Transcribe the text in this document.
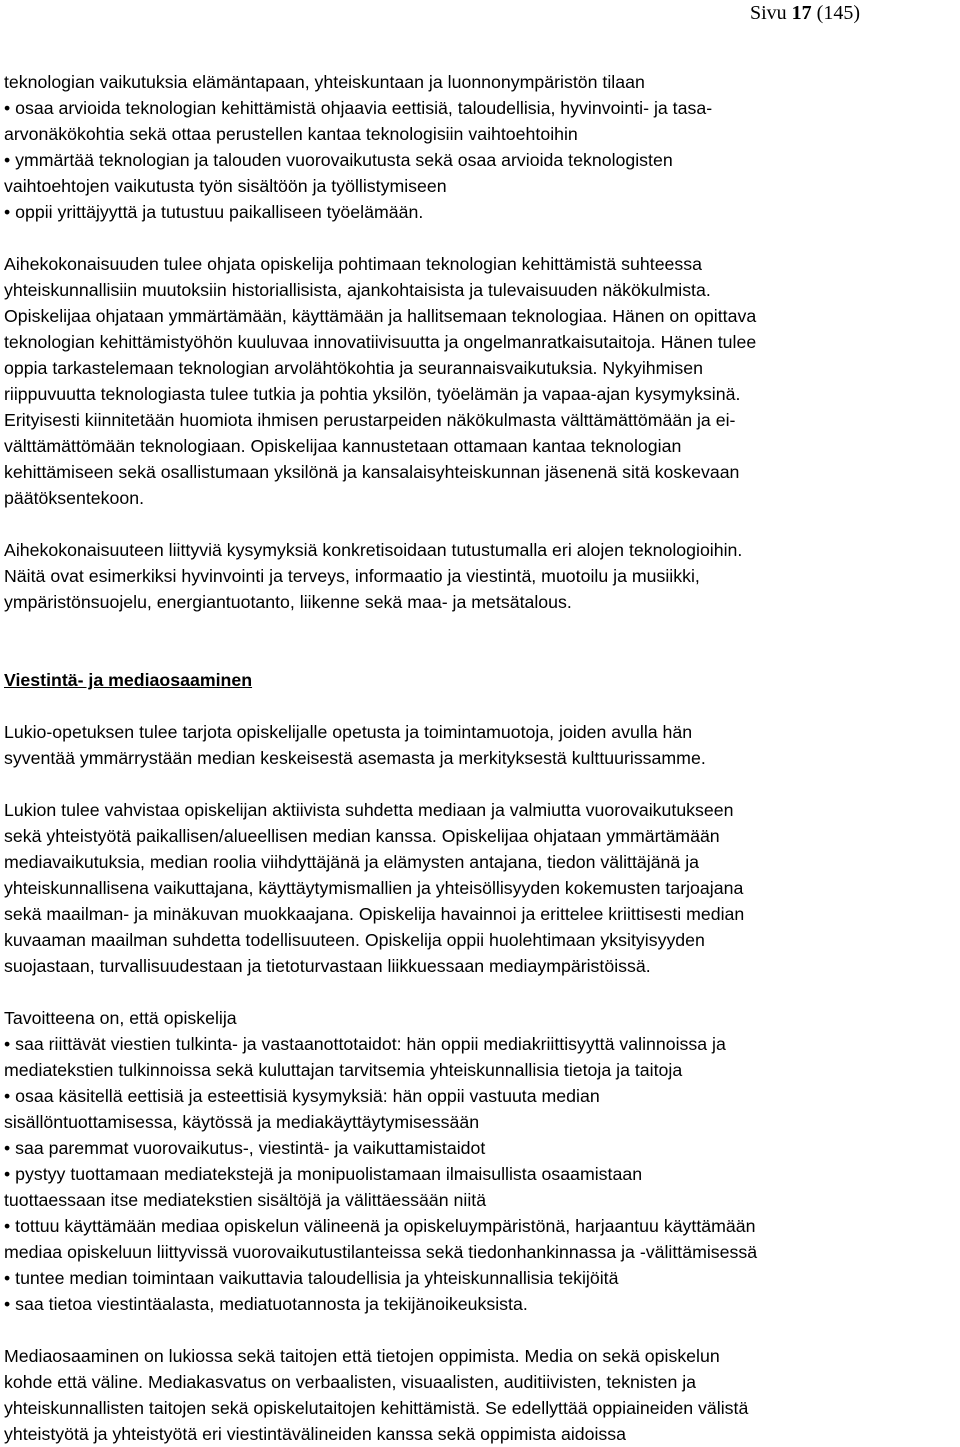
Sivu 17 (145)
teknologian vaikutuksia elämäntapaan, yhteiskuntaan ja luonnonympäristön tilaan
• osaa arvioida teknologian kehittämistä ohjaavia eettisiä, taloudellisia, hyvinvointi- ja tasa-
arvonäkökohtia sekä ottaa perustellen kantaa teknologisiin vaihtoehtoihin
• ymmärtää teknologian ja talouden vuorovaikutusta sekä osaa arvioida teknologisten
vaihtoehtojen vaikutusta työn sisältöön ja työllistymiseen
• oppii yrittäjyyttä ja tutustuu paikalliseen työelämään.
Aihekokonaisuuden tulee ohjata opiskelija pohtimaan teknologian kehittämistä suhteessa
yhteiskunnallisiin muutoksiin historiallisista, ajankohtaisista ja tulevaisuuden näkökulmista.
Opiskelijaa ohjataan ymmärtämään, käyttämään ja hallitsemaan teknologiaa. Hänen on opittava
teknologian kehittämistyöhön kuuluvaa innovatiivisuutta ja ongelmanratkaisutaitoja. Hänen tulee
oppia tarkastelemaan teknologian arvolähtökohtia ja seurannaisvaikutuksia. Nykyihmisen
riippuvuutta teknologiasta tulee tutkia ja pohtia yksilön, työelämän ja vapaa-ajan kysymyksinä.
Erityisesti kiinnitetään huomiota ihmisen perustarpeiden näkökulmasta välttämättömään ja ei-
välttämättömään teknologiaan. Opiskelijaa kannustetaan ottamaan kantaa teknologian
kehittämiseen sekä osallistumaan yksilönä ja kansalaisyhteiskunnan jäsenenä sitä koskevaan
päätöksentekoon.
Aihekokonaisuuteen liittyviä kysymyksiä konkretisoidaan tutustumalla eri alojen teknologioihin.
Näitä ovat esimerkiksi hyvinvointi ja terveys, informaatio ja viestintä, muotoilu ja musiikki,
ympäristönsuojelu, energiantuotanto, liikenne sekä maa- ja metsätalous.
Viestintä- ja mediaosaaminen
Lukio-opetuksen tulee tarjota opiskelijalle opetusta ja toimintamuotoja, joiden avulla hän
syventää ymmärrystään median keskeisestä asemasta ja merkityksestä kulttuurissamme.
Lukion tulee vahvistaa opiskelijan aktiivista suhdetta mediaan ja valmiutta vuorovaikutukseen
sekä yhteistyötä paikallisen/alueellisen median kanssa. Opiskelijaa ohjataan ymmärtämään
mediavaikutuksia, median roolia viihdyttäjänä ja elämysten antajana, tiedon välittäjänä ja
yhteiskunnallisena vaikuttajana, käyttäytymismallien ja yhteisöllisyyden kokemusten tarjoajana
sekä maailman- ja minäkuvan muokkaajana. Opiskelija havainnoi ja erittelee kriittisesti median
kuvaaman maailman suhdetta todellisuuteen. Opiskelija oppii huolehtimaan yksityisyyden
suojastaan, turvallisuudestaan ja tietoturvastaan liikkuessaan mediaympäristöissä.
Tavoitteena on, että opiskelija
• saa riittävät viestien tulkinta- ja vastaanottotaidot: hän oppii mediakriittisyyttä valinnoissa ja
mediatekstien tulkinnoissa sekä kuluttajan tarvitsemia yhteiskunnallisia tietoja ja taitoja
• osaa käsitellä eettisiä ja esteettisiä kysymyksiä: hän oppii vastuuta median
sisällöntuottamisessa, käytössä ja mediakäyttäytymisessään
• saa paremmat vuorovaikutus-, viestintä- ja vaikuttamistaidot
• pystyy tuottamaan mediatekstejä ja monipuolistamaan ilmaisullista osaamistaan
tuottaessaan itse mediatekstien sisältöjä ja välittäessään niitä
• tottuu käyttämään mediaa opiskelun välineenä ja opiskeluympäristönä, harjaantuu käyttämään
mediaa opiskeluun liittyvissä vuorovaikutustilanteissa sekä tiedonhankinnassa ja -välittämisessä
• tuntee median toimintaan vaikuttavia taloudellisia ja yhteiskunnallisia tekijöitä
• saa tietoa viestintäalasta, mediatuotannosta ja tekijänoikeuksista.
Mediaosaaminen on lukiossa sekä taitojen että tietojen oppimista. Media on sekä opiskelun
kohde että väline. Mediakasvatus on verbaalisten, visuaalisten, auditiivisten, teknisten ja
yhteiskunnallisten taitojen sekä opiskelutaitojen kehittämistä. Se edellyttää oppiaineiden välistä
yhteistyötä ja yhteistyötä eri viestintävälineiden kanssa sekä oppimista aidoissa
